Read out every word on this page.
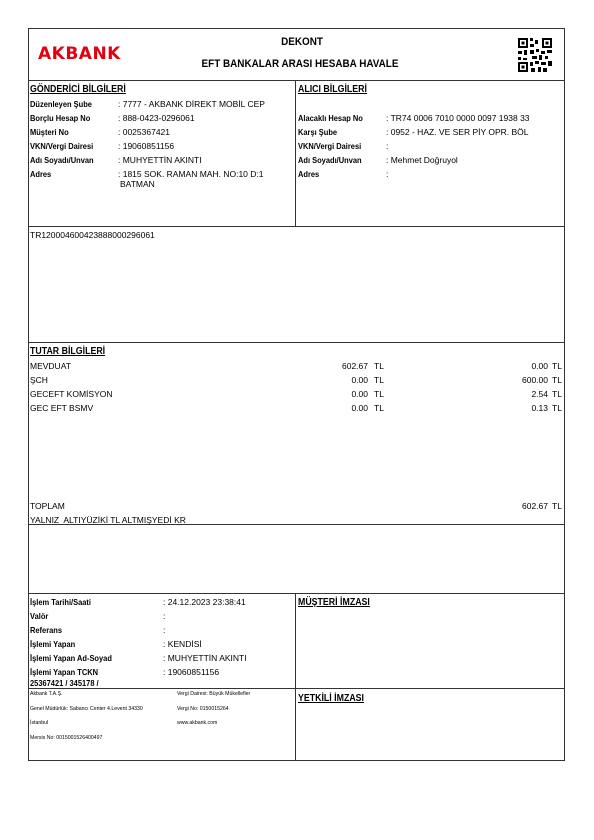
AKBANK
DEKONT
EFT BANKALAR ARASI HESABA HAVALE
GÖNDERİCİ BİLGİLERİ
Düzenleyen Şube	: 7777 - AKBANK DİREKT MOBİL CEP
Borçlu Hesap No	: 888-0423-0296061
Müşteri No	: 0025367421
VKN/Vergi Dairesi	: 19060851156
Adı Soyadı/Unvan	: MUHYETTİN AKINTI
Adres	: 1815 SOK. RAMAN MAH. NO:10 D:1
BATMAN
ALICI BİLGİLERİ
Alacaklı Hesap No	: TR74 0006 7010 0000 0097 1938 33
Karşı Şube	: 0952 - HAZ. VE SER PİY OPR. BÖL
VKN/Vergi Dairesi	:
Adı Soyadı/Unvan	: Mehmet Doğruyol
Adres	:
TR120004600423888000296061
TUTAR BİLGİLERİ
MEVDUAT	602.67 TL	0.00 TL
ŞCH	0.00 TL	600.00 TL
GECEFT KOMİSYON	0.00 TL	2.54 TL
GEC EFT BSMV	0.00 TL	0.13 TL
TOPLAM	602.67 TL
YALNIZ  ALTIYÜZİKİ TL ALTMIŞYEDİ KR
İşlem Tarihi/Saati	: 24.12.2023 23:38:41
Valör	:
Referans	:
İşlemi Yapan	: KENDİSİ
İşlemi Yapan Ad-Soyad	: MUHYETTİN AKINTI
İşlemi Yapan TCKN	: 19060851156
25367421 / 345178 /
MÜŞTERİ İMZASI
YETKİLİ İMZASI
Akbank T.A.Ş.
Genel Müdürlük: Sabancı Center 4.Levent 34330
İstanbul
Mersis No: 0015001526400497
Vergi Dairesi: Büyük Mükellefler
Vergi No: 0150015264
www.akbank.com
